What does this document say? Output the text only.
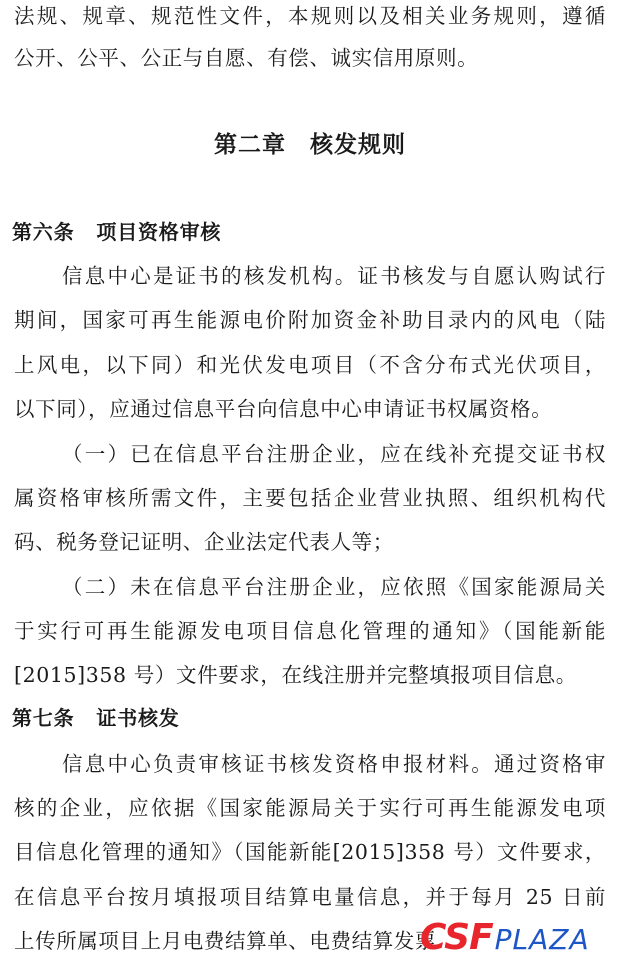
法规、规章、规范性文件，本规则以及相关业务规则，遵循
公开、公平、公正与自愿、有偿、诚实信用原则。
第二章　核发规则
第六条 项目资格审核
信息中心是证书的核发机构。证书核发与自愿认购试行
期间，国家可再生能源电价附加资金补助目录内的风电（陆
上风电，以下同）和光伏发电项目（不含分布式光伏项目，
以下同），应通过信息平台向信息中心申请证书权属资格。
（一）已在信息平台注册企业，应在线补充提交证书权
属资格审核所需文件，主要包括企业营业执照、组织机构代
码、税务登记证明、企业法定代表人等；
（二）未在信息平台注册企业，应依照《国家能源局关
于实行可再生能源发电项目信息化管理的通知》（国能新能
[2015]358 号）文件要求，在线注册并完整填报项目信息。
第七条 证书核发
信息中心负责审核证书核发资格申报材料。通过资格审
核的企业，应依据《国家能源局关于实行可再生能源发电项
目信息化管理的通知》（国能新能[2015]358 号）文件要求，
在信息平台按月填报项目结算电量信息，并于每月 25 日前
上传所属项目上月电费结算单、电费结算发票
CSFPLAZA
